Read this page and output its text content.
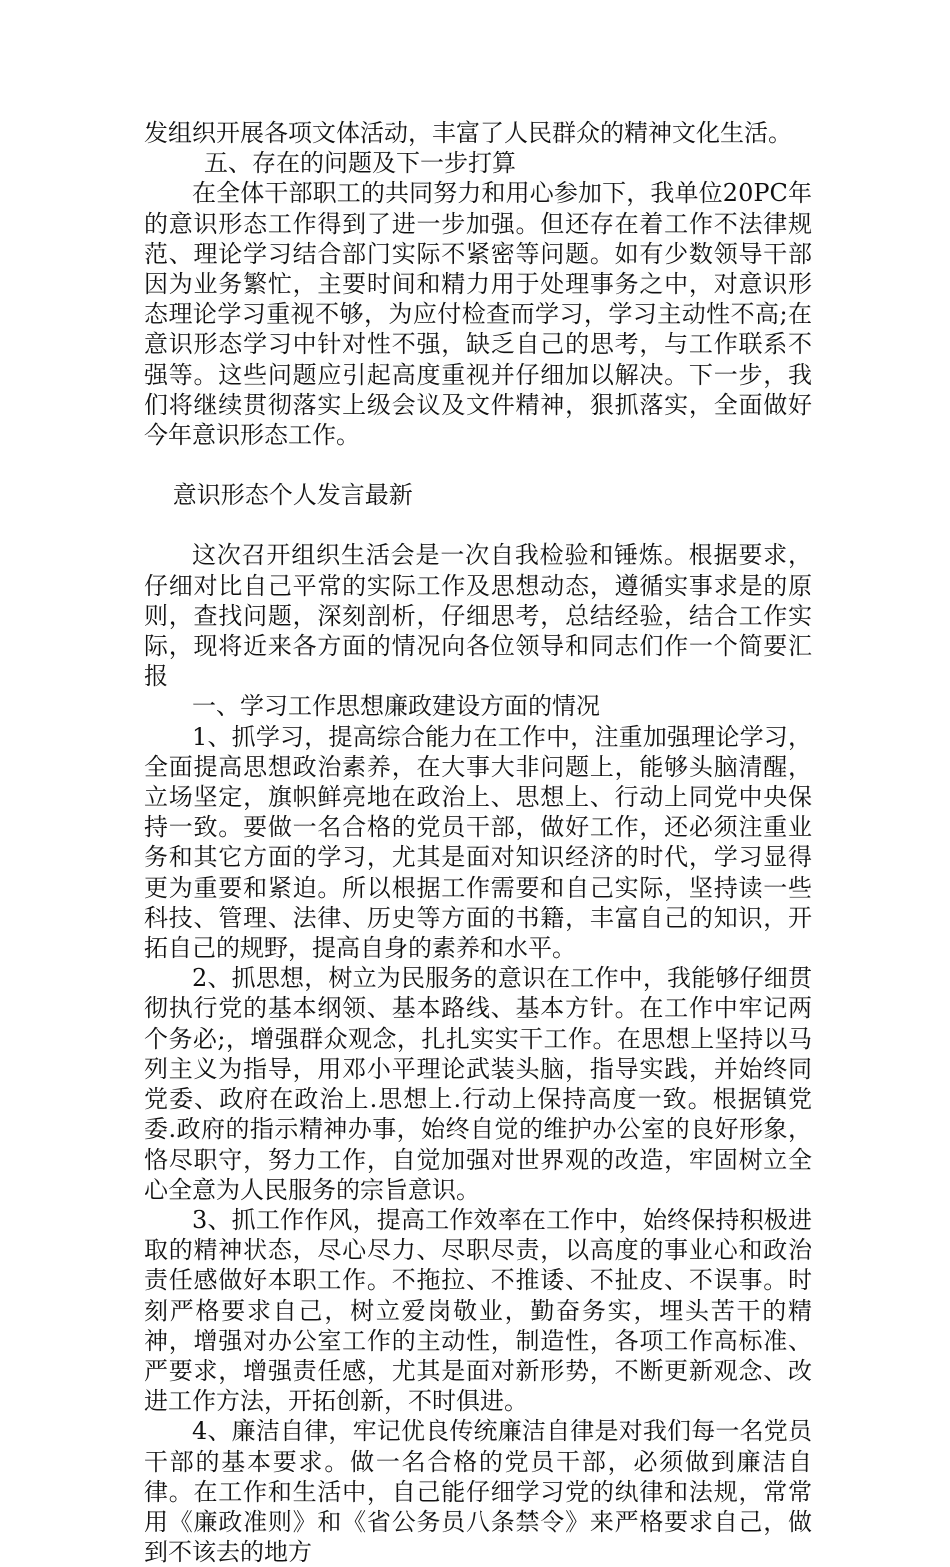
发组织开展各项文体活动，丰富了人民群众的精神文化生活。

五、存在的问题及下一步打算

在全体干部职工的共同努力和用心参加下，我单位20PC年的意识形态工作得到了进一步加强。但还存在着工作不法律规范、理论学习结合部门实际不紧密等问题。如有少数领导干部因为业务繁忙，主要时间和精力用于处理事务之中，对意识形态理论学习重视不够，为应付检查而学习，学习主动性不高;在意识形态学习中针对性不强，缺乏自己的思考，与工作联系不强等。这些问题应引起高度重视并仔细加以解决。下一步，我们将继续贯彻落实上级会议及文件精神，狠抓落实，全面做好今年意识形态工作。

意识形态个人发言最新

这次召开组织生活会是一次自我检验和锤炼。根据要求，仔细对比自己平常的实际工作及思想动态，遵循实事求是的原则，查找问题，深刻剖析，仔细思考，总结经验，结合工作实际，现将近来各方面的情况向各位领导和同志们作一个简要汇报

一、学习工作思想廉政建设方面的情况

1、抓学习，提高综合能力在工作中，注重加强理论学习，全面提高思想政治素养，在大事大非问题上，能够头脑清醒，立场坚定，旗帜鲜亮地在政治上、思想上、行动上同党中央保持一致。要做一名合格的党员干部，做好工作，还必须注重业务和其它方面的学习，尤其是面对知识经济的时代，学习显得更为重要和紧迫。所以根据工作需要和自己实际，坚持读一些科技、管理、法律、历史等方面的书籍，丰富自己的知识，开拓自己的规野，提高自身的素养和水平。

2、抓思想，树立为民服务的意识在工作中，我能够仔细贯彻执行党的基本纲领、基本路线、基本方针。在工作中牢记两个务必;，增强群众观念，扎扎实实干工作。在思想上坚持以马列主义为指导，用邓小平理论武装头脑，指导实践，并始终同党委、政府在政治上.思想上.行动上保持高度一致。根据镇党委.政府的指示精神办事，始终自觉的维护办公室的良好形象，恪尽职守，努力工作，自觉加强对世界观的改造，牢固树立全心全意为人民服务的宗旨意识。

3、抓工作作风，提高工作效率在工作中，始终保持积极进取的精神状态，尽心尽力、尽职尽责，以高度的事业心和政治责任感做好本职工作。不拖拉、不推诿、不扯皮、不误事。时刻严格要求自己，树立爱岗敬业，勤奋务实，埋头苦干的精神，增强对办公室工作的主动性，制造性，各项工作高标准、严要求，增强责任感，尤其是面对新形势，不断更新观念、改进工作方法，开拓创新，不时俱进。

4、廉洁自律，牢记优良传统廉洁自律是对我们每一名党员干部的基本要求。做一名合格的党员干部，必须做到廉洁自律。在工作和生活中，自己能仔细学习党的纨律和法规，常常用《廉政准则》和《省公务员八条禁令》来严格要求自己，做到不该去的地方
